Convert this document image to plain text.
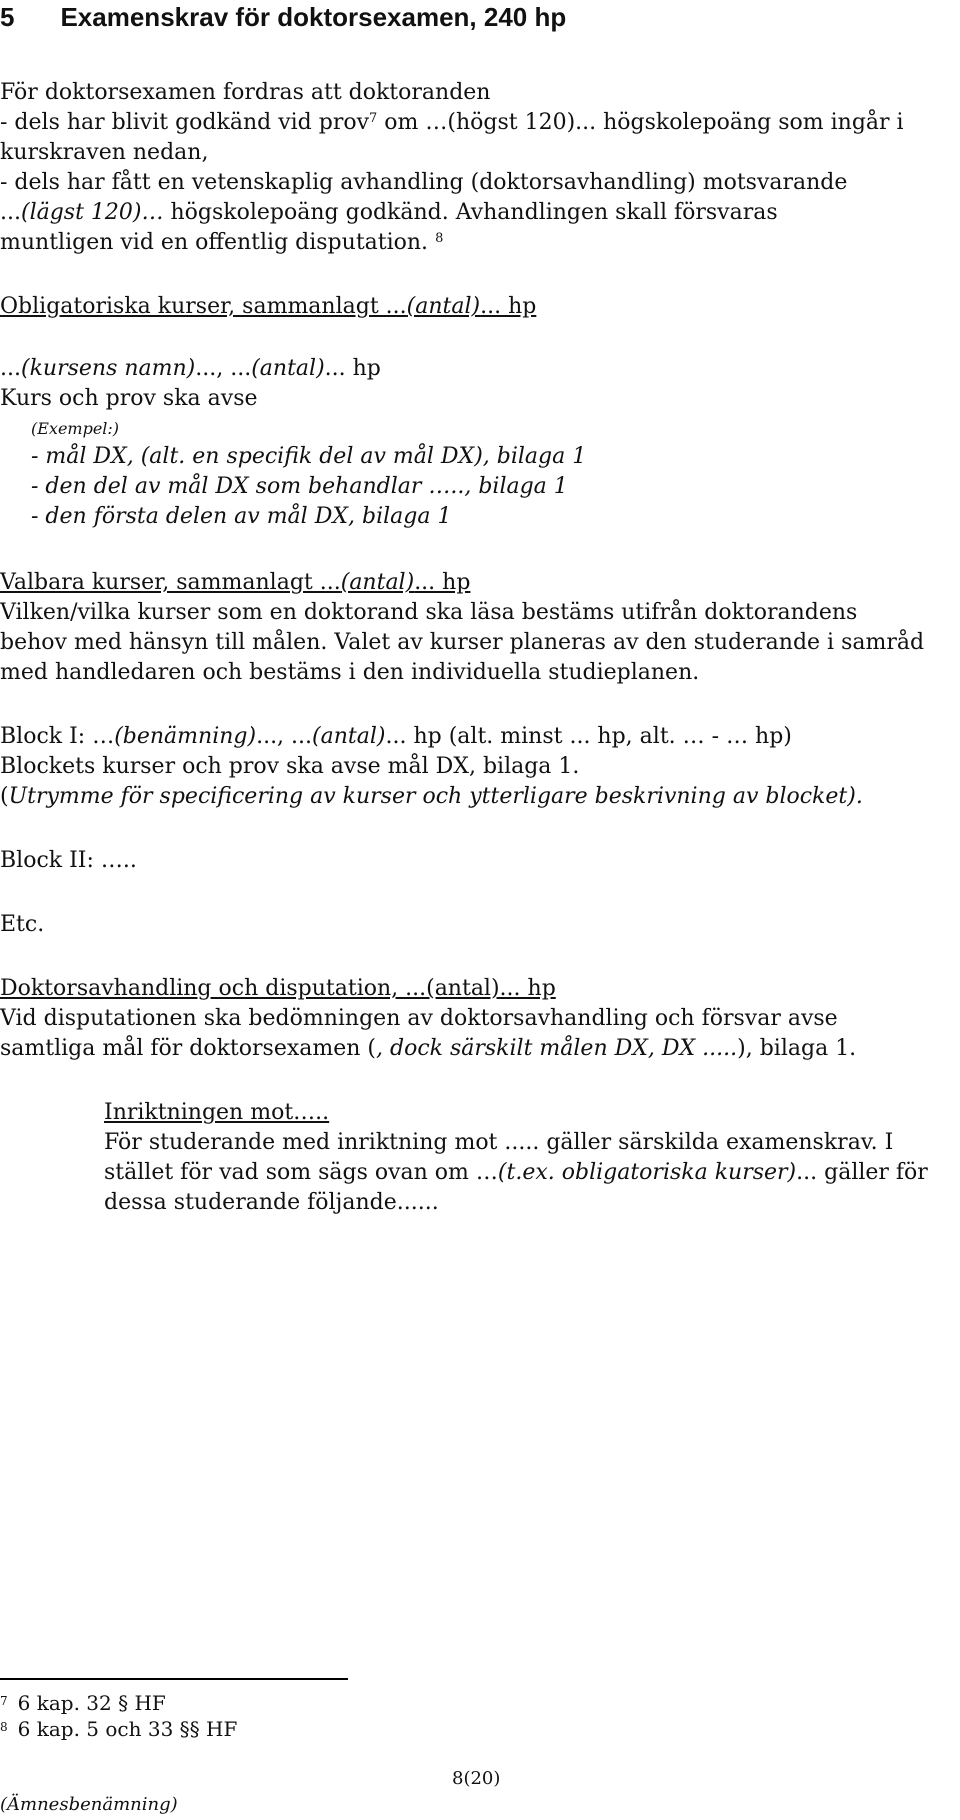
5 Examenskrav för doktorsexamen, 240 hp
För doktorsexamen fordras att doktoranden
- dels har blivit godkänd vid prov$^7$ om …(högst 120)... högskolepoäng som ingår i
kurskraven nedan,
- dels har fått en vetenskaplig avhandling (doktorsavhandling) motsvarande
...(lägst 120)… högskolepoäng godkänd. Avhandlingen skall försvaras
muntligen vid en offentlig disputation. $^8$
Obligatoriska kurser, sammanlagt ...(antal)... hp
...(kursens namn)..., ...(antal)... hp
Kurs och prov ska avse
(Exempel:)
- mål DX, (alt. en specifik del av mål DX), bilaga 1
- den del av mål DX som behandlar ….., bilaga 1
- den första delen av mål DX, bilaga 1
Valbara kurser, sammanlagt ...(antal)... hp
Vilken/vilka kurser som en doktorand ska läsa bestäms utifrån doktorandens
behov med hänsyn till målen. Valet av kurser planeras av den studerande i samråd
med handledaren och bestäms i den individuella studieplanen.
Block I: …(benämning)..., ...(antal)... hp (alt. minst ... hp, alt. … - … hp)
Blockets kurser och prov ska avse mål DX, bilaga 1.
(Utrymme för specificering av kurser och ytterligare beskrivning av blocket).
Block II: …..
Etc.
Doktorsavhandling och disputation, ...(antal)... hp
Vid disputationen ska bedömningen av doktorsavhandling och försvar avse
samtliga mål för doktorsexamen (, dock särskilt målen DX, DX .....), bilaga 1.
Inriktningen mot…..
För studerande med inriktning mot ..... gäller särskilda examenskrav. I
stället för vad som sägs ovan om …(t.ex. obligatoriska kurser)... gäller för
dessa studerande följande......
$^7$ 6 kap. 32 § HF
$^8$ 6 kap. 5 och 33 §§ HF
8(20)
(Ämnesbenämning)
